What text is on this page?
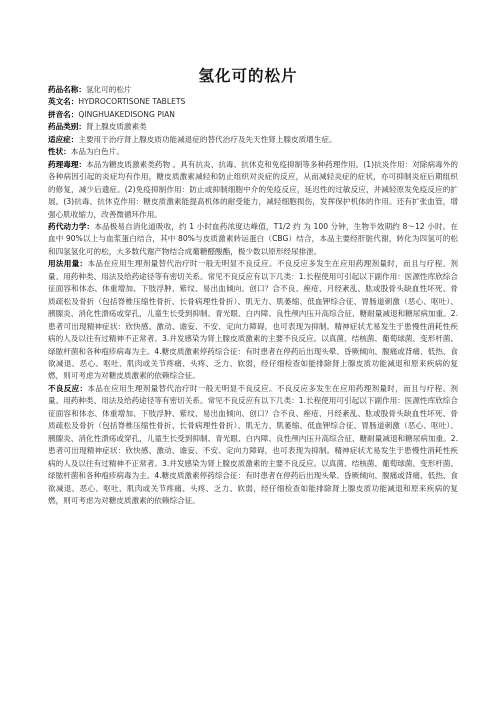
氢化可的松片

药品名称：氢化可的松片

英文名：HYDROCORTISONE TABLETS

拼音名：QINGHUAKEDISONG PIAN

药品类别：肾上腺皮质激素类

适应症：主要用于治疗肾上腺皮质功能减退症的替代治疗及先天性肾上腺皮质增生症。

性状：本品为白色片。

药理毒理：本品为糖皮质激素类药物 。具有抗炎、抗毒、抗休克和免疫抑制等多种药理作用。(1)抗炎作用：对除病毒外的各种病因引起的炎症均有作用，糖皮质激素减轻和防止组织对炎症的反应，从而减轻炎症的症状，亦可抑制炎症后期组织的修复，减少后遗症。(2)免疫抑制作用：防止或抑制细胞中介的免疫反应，延迟性的过敏反应，并减轻原发免疫反应的扩展。(3)抗毒、抗休克作用：糖皮质激素能提高机体的耐受能力，减轻细胞损伤，发挥保护机体的作用。还有扩张血管，增强心肌收缩力，改善微循环作用。

药代动力学：本品极易自消化道吸收，约 1 小时血药浓度达峰值，T1/2 约 为 100 分钟，生物半效期约 8～12 小时。在血中 90%以上与血浆蛋白结合，其中 80%与皮质激素转运蛋白（CBG）结合，本品主要经肝脏代谢，转化为四氢可的松和四氢氢化可的松，大多数代谢产物结合成葡糖醛酸酯，极少数以原形经尿排泄。

用法用量：本品在应用生理剂量替代治疗时一般无明显不良反应。不良反应多发生在应用药理剂量时，而且与疗程、剂量、用药种类、用法及给药途径等有密切关系。常见不良反应有以下几类：1.长程使用可引起以下副作用：医源性库欣综合征面容和体态、体重增加、下肢浮肿、紫纹、易出血倾向、创口？合不良、痤疮、月经紊乱、肱或股骨头缺血性坏死、骨质疏松及骨折（包括脊椎压缩性骨折、长骨病理性骨折）、肌无力、肌萎缩、低血钾综合征、胃肠道刺激（恶心、呕吐）、胰腺炎、消化性溃疡或穿孔，儿童生长受到抑制、青光眼、白内障、良性颅内压升高综合征、糖耐量减退和糖尿病加重。2.患者可出现精神症状：欣快感、激动、谵妄、不安、定向力障碍，也可表现为抑制。精神症状尤易发生于患慢性消耗性疾病的人及以往有过精神不正常者。3.并发感染为肾上腺皮质激素的主要不良反应。以真菌、结核菌、葡萄球菌、变形杆菌、绿脓杆菌和各种疱疹病毒为主。4.糖皮质激素停药综合征：有时患者在停药后出现头晕、昏厥倾向、腹痛或背痛、低热、食欲减退、恶心、呕吐、肌肉或关节疼痛、头疼、乏力、软弱，经仔细检查如能排除肾上腺皮质功能减退和原来疾病的复燃，则可考虑为对糖皮质激素的依赖综合征。

不良反应：本品在应用生理剂量替代治疗时一般无明显不良反应。不良反应多发生在应用药理剂量时，而且与疗程、剂量、用药种类、用法及给药途径等有密切关系。常见不良反应有以下几类：1.长程使用可引起以下副作用：医源性库欣综合征面容和体态、体重增加、下肢浮肿、紫纹、易出血倾向、创口？合不良、痤疮、月经紊乱、肱或股骨头缺血性坏死、骨质疏松及骨折（包括脊椎压缩性骨折、长骨病理性骨折）、肌无力、肌萎缩、低血钾综合征、胃肠道刺激（恶心、呕吐）、胰腺炎、消化性溃疡或穿孔，儿童生长受到抑制、青光眼、白内障、良性颅内压升高综合征、糖耐量减退和糖尿病加重。2.患者可出现精神症状：欣快感、激动、谵妄、不安、定向力障碍，也可表现为抑制。精神症状尤易发生于患慢性消耗性疾病的人及以往有过精神不正常者。3.并发感染为肾上腺皮质激素的主要不良反应。以真菌、结核菌、葡萄球菌、变形杆菌、绿脓杆菌和各种疱疹病毒为主。4.糖皮质激素停药综合征：有时患者在停药后出现头晕、昏厥倾向、腹痛或背痛、低热、食欲减退、恶心、呕吐、肌肉或关节疼痛、头疼、乏力、软弱，经仔细检查如能排除肾上腺皮质功能减退和原来疾病的复燃，则可考虑为对糖皮质激素的依赖综合征。
